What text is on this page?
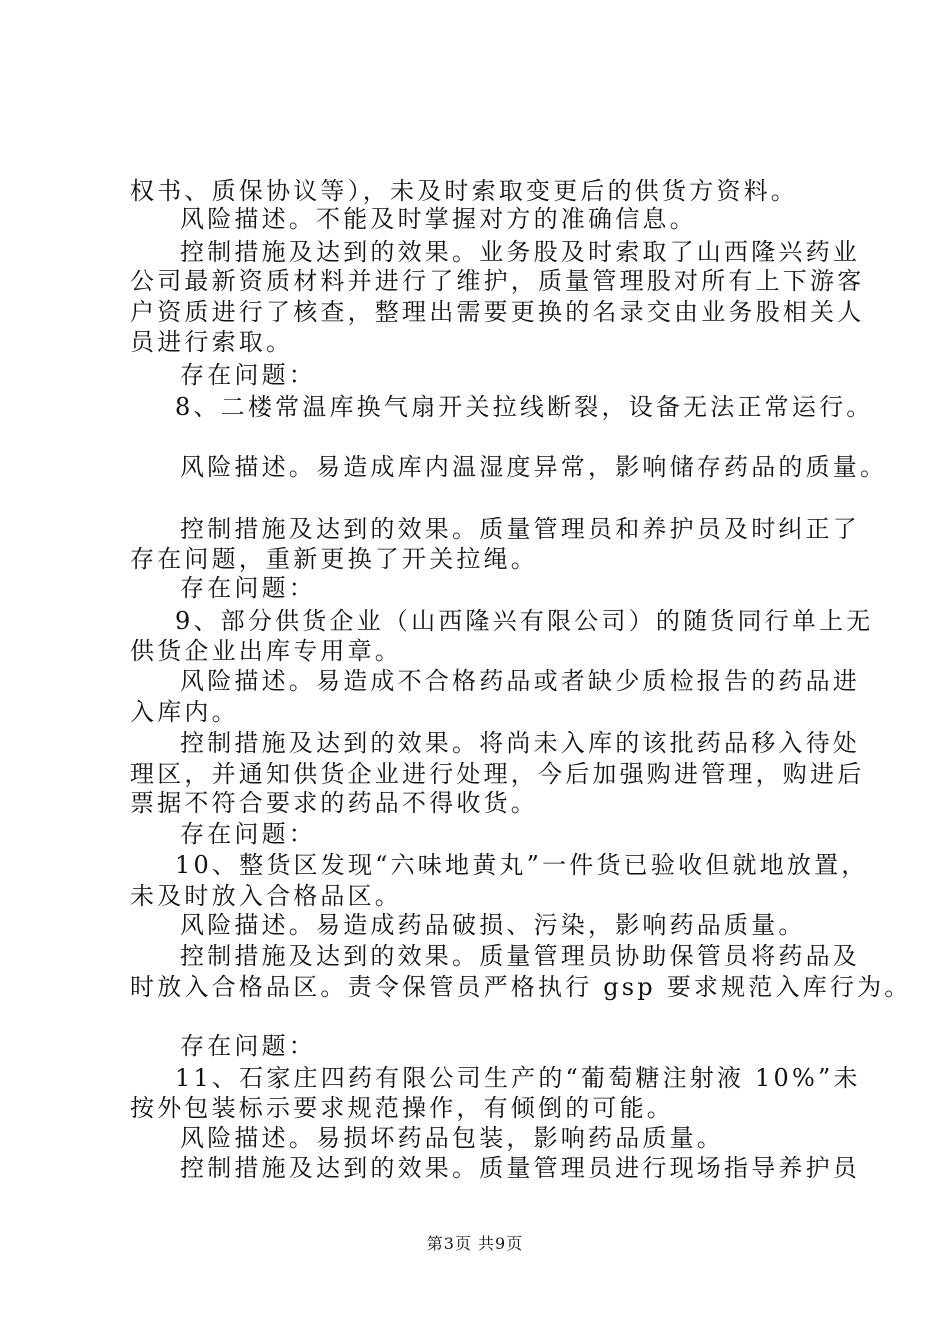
权书、质保协议等），未及时索取变更后的供货方资料。
风险描述。不能及时掌握对方的准确信息。
控制措施及达到的效果。业务股及时索取了山西隆兴药业
公司最新资质材料并进行了维护，质量管理股对所有上下游客
户资质进行了核查，整理出需要更换的名录交由业务股相关人
员进行索取。
存在问题：
8、二楼常温库换气扇开关拉线断裂，设备无法正常运行。
风险描述。易造成库内温湿度异常，影响储存药品的质量。
控制措施及达到的效果。质量管理员和养护员及时纠正了
存在问题，重新更换了开关拉绳。
存在问题：
9、部分供货企业（山西隆兴有限公司）的随货同行单上无
供货企业出库专用章。
风险描述。易造成不合格药品或者缺少质检报告的药品进
入库内。
控制措施及达到的效果。将尚未入库的该批药品移入待处
理区，并通知供货企业进行处理，今后加强购进管理，购进后
票据不符合要求的药品不得收货。
存在问题：
10、整货区发现“六味地黄丸”一件货已验收但就地放置，
未及时放入合格品区。
风险描述。易造成药品破损、污染，影响药品质量。
控制措施及达到的效果。质量管理员协助保管员将药品及
时放入合格品区。责令保管员严格执行 gsp 要求规范入库行为。
存在问题：
11、石家庄四药有限公司生产的“葡萄糖注射液 10%”未
按外包装标示要求规范操作，有倾倒的可能。
风险描述。易损坏药品包装，影响药品质量。
控制措施及达到的效果。质量管理员进行现场指导养护员
第3页 共9页
